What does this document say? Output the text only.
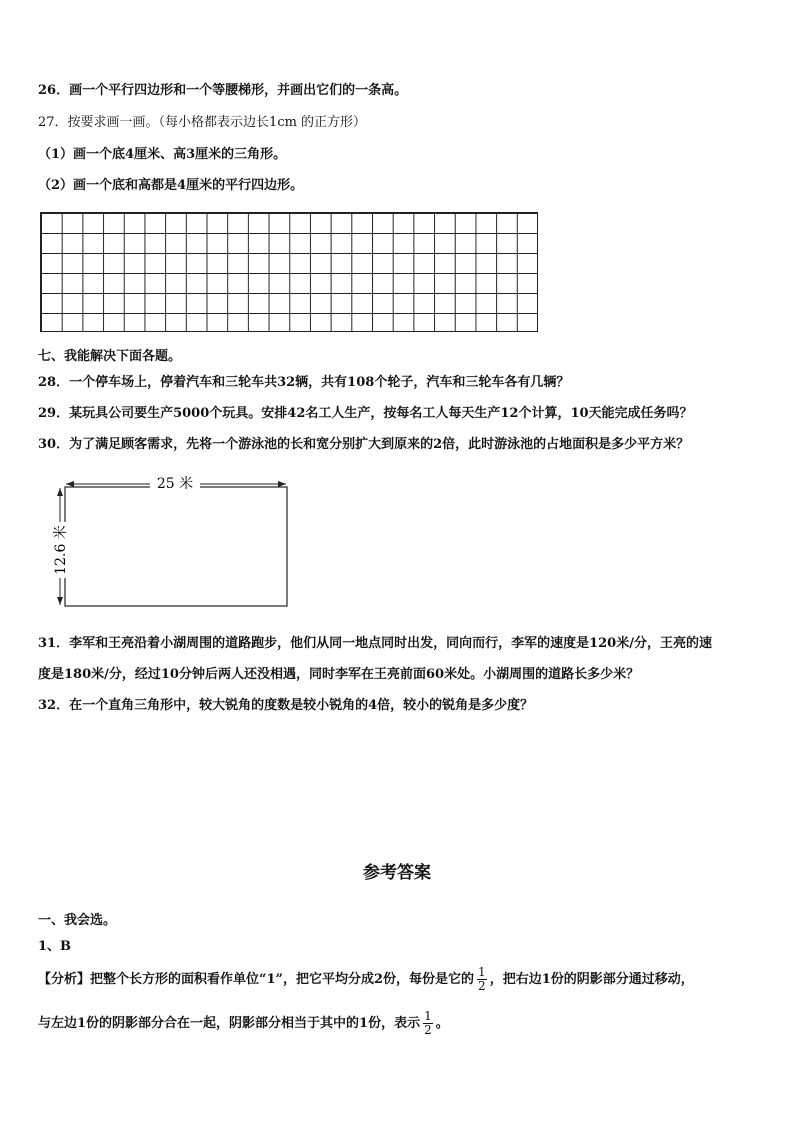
26．画一个平行四边形和一个等腰梯形，并画出它们的一条高。
27．按要求画一画。（每小格都表示边长1cm 的正方形）
（1）画一个底4厘米、高3厘米的三角形。
（2）画一个底和高都是4厘米的平行四边形。
七、我能解决下面各题。
28．一个停车场上，停着汽车和三轮车共32辆，共有108个轮子，汽车和三轮车各有几辆？
29．某玩具公司要生产5000个玩具。安排42名工人生产，按每名工人每天生产12个计算，10天能完成任务吗？
30．为了满足顾客需求，先将一个游泳池的长和宽分别扩大到原来的2倍，此时游泳池的占地面积是多少平方米？
25 米
12.6 米
31．李军和王亮沿着小湖周围的道路跑步，他们从同一地点同时出发，同向而行，李军的速度是120米/分，王亮的速
度是180米/分，经过10分钟后两人还没相遇，同时李军在王亮前面60米处。小湖周围的道路长多少米？
32．在一个直角三角形中，较大锐角的度数是较小锐角的4倍，较小的锐角是多少度？
参考答案
一、我会选。
1、B
【分析】把整个长方形的面积看作单位“1”，把它平均分成2份，每份是它的 $\frac{1}{2}$ ，把右边1份的阴影部分通过移动，
与左边1份的阴影部分合在一起，阴影部分相当于其中的1份，表示 $\frac{1}{2}$ 。
